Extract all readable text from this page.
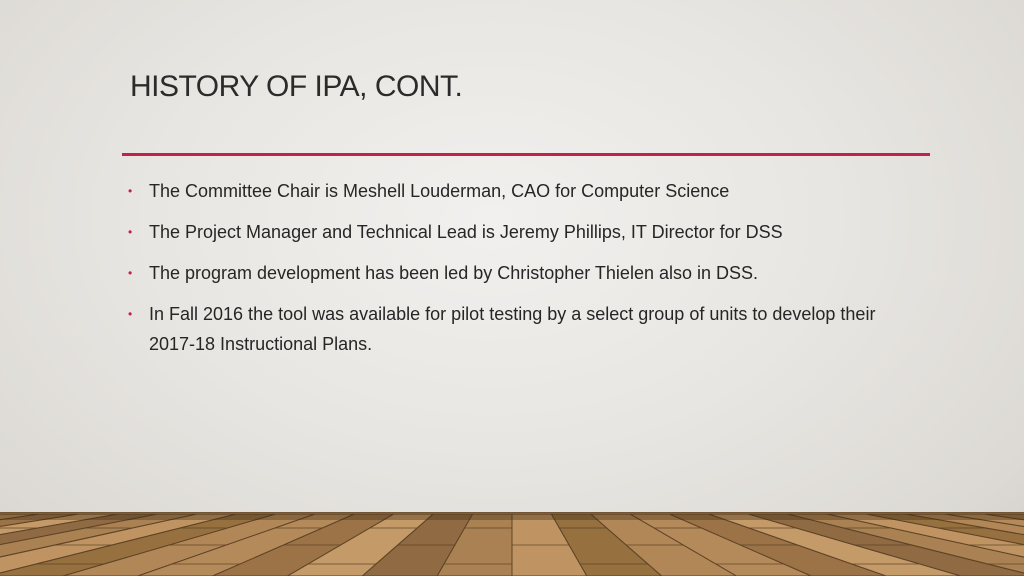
HISTORY OF IPA, CONT.
• The Committee Chair is Meshell Louderman, CAO for Computer Science
• The Project Manager and Technical Lead is Jeremy Phillips, IT Director for DSS
• The program development has been led by Christopher Thielen also in DSS.
• In Fall 2016 the tool was available for pilot testing by a select group of units to develop their 2017-18 Instructional Plans.
